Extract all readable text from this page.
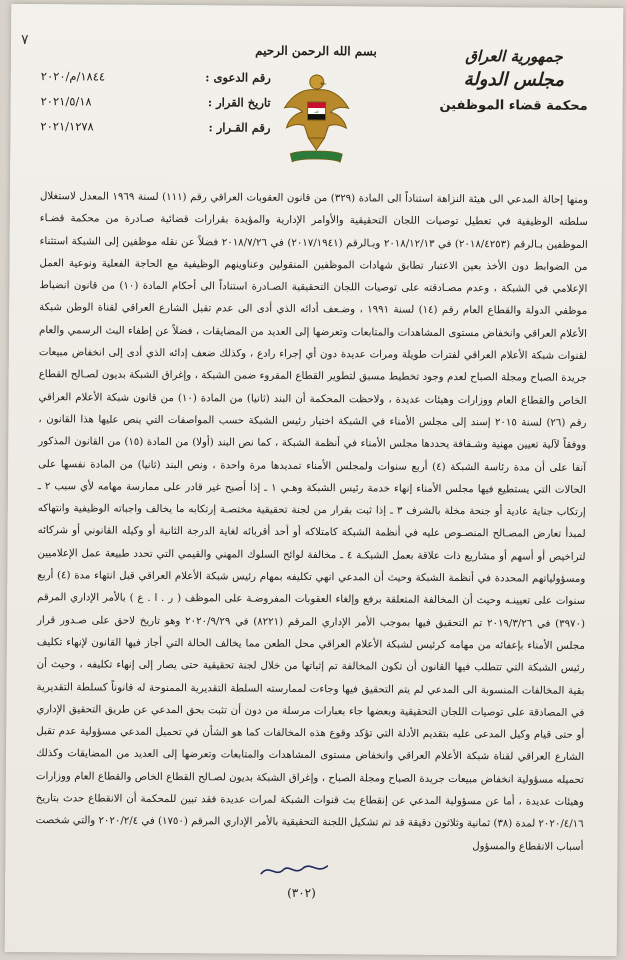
٧
رقم الدعوى :
١٨٤٤/م/٢٠٢٠
تاريخ القرار :
٢٠٢١/٥/١٨
رقم القـرار :
٢٠٢١/١٢٧٨
بسم الله الرحمن الرحيم
الله
جمهورية العراق
مجلس الدولة
محكمة قضاء الموظفين

ومنها إحالة المدعي الى هيئة النزاهة استناداً الى المادة (٣٢٩) من قانون العقوبات العراقي رقم (١١١) لسنة ١٩٦٩ المعدل لاستغلال سلطته الوظيفية في تعطيل توصيات اللجان التحقيقية والأوامر الإدارية والمؤيدة بقرارات قضائية صـادرة من محكمة قضـاء الموظفين بـالرقم (٢٠١٨/٤٢٥٣) في ٢٠١٨/١٢/١٣ وبـالرقم (٢٠١٧/١٩٤١) في ٢٠١٨/٧/٢٦ فضلاً عن نقله موظفين إلى الشبكة استثناء من الضوابط دون الأخذ بعين الاعتبار تطابق شهادات الموظفين المنقولين وعناوينهم الوظيفية مع الحاجة الفعلية ونوعية العمل الإعلامي في الشبكة ، وعدم مصـادقته على توصيات اللجان التحقيقية الصـادرة استناداً الى أحكام المادة (١٠) من قانون انضباط موظفي الدولة والقطاع العام رقم (١٤) لسنة ١٩٩١ ، وضـعف أدائه الذي أدى الى عدم تقبل الشارع العراقي لقناة الوطن شبكة الأعلام العراقي وانخفاض مستوى المشاهدات والمتابعات وتعرضها إلى العديد من المضايقات ، فضلاً عن إطفاء البث الرسمي والعام لقنوات شبكة الأعلام العراقي لفترات طويلة ومرات عديدة دون أي إجراء رادع ، وكذلك ضعف إدائه الذي أدى إلى انخفاض مبيعات جريدة الصباح ومجلة الصباح لعدم وجود تخطيط مسبق لتطوير القطاع المقروء ضمن الشبكة ، وإغراق الشبكة بديون لصـالح القطاع الخاص والقطاع العام ووزارات وهيئات عديدة ، ولاحظت المحكمة أن البند (ثانيا) من المادة (١٠) من قانون شبكة الأعلام العراقي رقم (٢٦) لسنة ٢٠١٥ إسند إلى مجلس الأمناء في الشبكة اختيار رئيس الشبكة حسب المواصفات التي ينص عليها هذا القانون ، ووفقاً لآلية تعيين مهنية وشـفافة يحددها مجلس الأمناء في أنظمة الشبكة ، كما نص البند (أولا) من المادة (١٥) من القانون المذكور آنفا على أن مدة رئاسة الشبكة (٤) أربع سنوات ولمجلس الأمناء تمديدها مرة واحدة ، ونص البند (ثانيا) من المادة نفسها على الحالات التي يستطيع فيها مجلس الأمناء إنهاء خدمة رئيس الشبكة وهـي ١ ـ إذا أصبح غير قادر على ممارسة مهامه لأي سبب ٢ ـ إرتكاب جناية عادية أو جنحة مخلة بالشرف ٣ ـ إذا ثبت بقرار من لجنة تحقيقية مختصـة إرتكابه ما يخالف واجباته الوظيفية وانتهاكه لمبدأ تعارض المصـالح المنصـوص عليه في أنظمة الشبكة كامتلاكه أو أحد أقربائه لغاية الدرجة الثانية أو وكيله القانوني أو شركائه لتراخيص أو أسهم أو مشاريع ذات علاقة بعمل الشبكـة ٤ ـ مخالفة لوائح السلوك المهني والقيمي التي تحدد طبيعة عمل الإعلاميين ومسؤولياتهم المحددة في أنظمة الشبكة وحيث أن المدعي انهي تكليفه بمهام رئيس شبكة الأعلام العراقي قبل انتهاء مدة (٤) أربع سنوات على تعيينـه وحيث أن المخالفة المتعلقة برفع وإلغاء العقوبات المفروضـة على الموظف ( ر . ا . ع ) بالأمر الإداري المرقم (٣٩٧٠) في ٢٠١٩/٣/٢٦ تم التحقيق فيها بموجب الأمر الإداري المرقم (٨٢٢١) في ٢٠٢٠/٩/٢٩ وهو تاريخ لاحق على صـدور قرار مجلس الأمناء بإعفائه من مهامه كرئيس لشبكة الأعلام العراقي محل الطعن مما يخالف الحالة التي أجاز فيها القانون لإنهاء تكليف رئيس الشبكة التي تتطلب فيها القانون أن تكون المخالفة تم إثباتها من خلال لجنة تحقيقية حتى يصار إلى إنهاء تكليفه ، وحيث أن بقية المخالفات المنسوبة الى المدعي لم يتم التحقيق فيها وجاءت لممارسته السلطة التقديرية الممنوحة له قانوناً كسلطة التقديرية في المصادقة على توصيات اللجان التحقيقية وبعضها جاء بعبارات مرسلة من دون أن تثبت بحق المدعي عن طريق التحقيق الإداري أو حتى قيام وكيل المدعى عليه بتقديم الأدلة التي تؤكد وقوع هذه المخالفات كما هو الشأن في تحميل المدعي مسؤولية عدم تقبل الشارع العراقي لقناة شبكة الأعلام العراقي وانخفاض مستوى المشاهدات والمتابعات وتعرضها إلى العديد من المضايقات وكذلك تحميله مسؤولية انخفاض مبيعات جريدة الصباح ومجلة الصباح ، وإغراق الشبكة بديون لصـالح القطاع الخاص والقطاع العام ووزارات وهيئات عديدة ، أما عن مسؤولية المدعي عن إنقطاع بث قنوات الشبكة لمرات عديدة فقد تبين للمحكمة أن الانقطاع حدث بتاريخ ٢٠٢٠/٤/١٦ لمدة (٣٨) ثمانية وثلاثون دقيقة قد تم تشكيل اللجنة التحقيقية بالأمر الإداري المرقم (١٧٥٠) في ٢٠٢٠/٢/٤ والتي شخصت أسباب الانقطاع والمسؤول

(٣٠٢)
